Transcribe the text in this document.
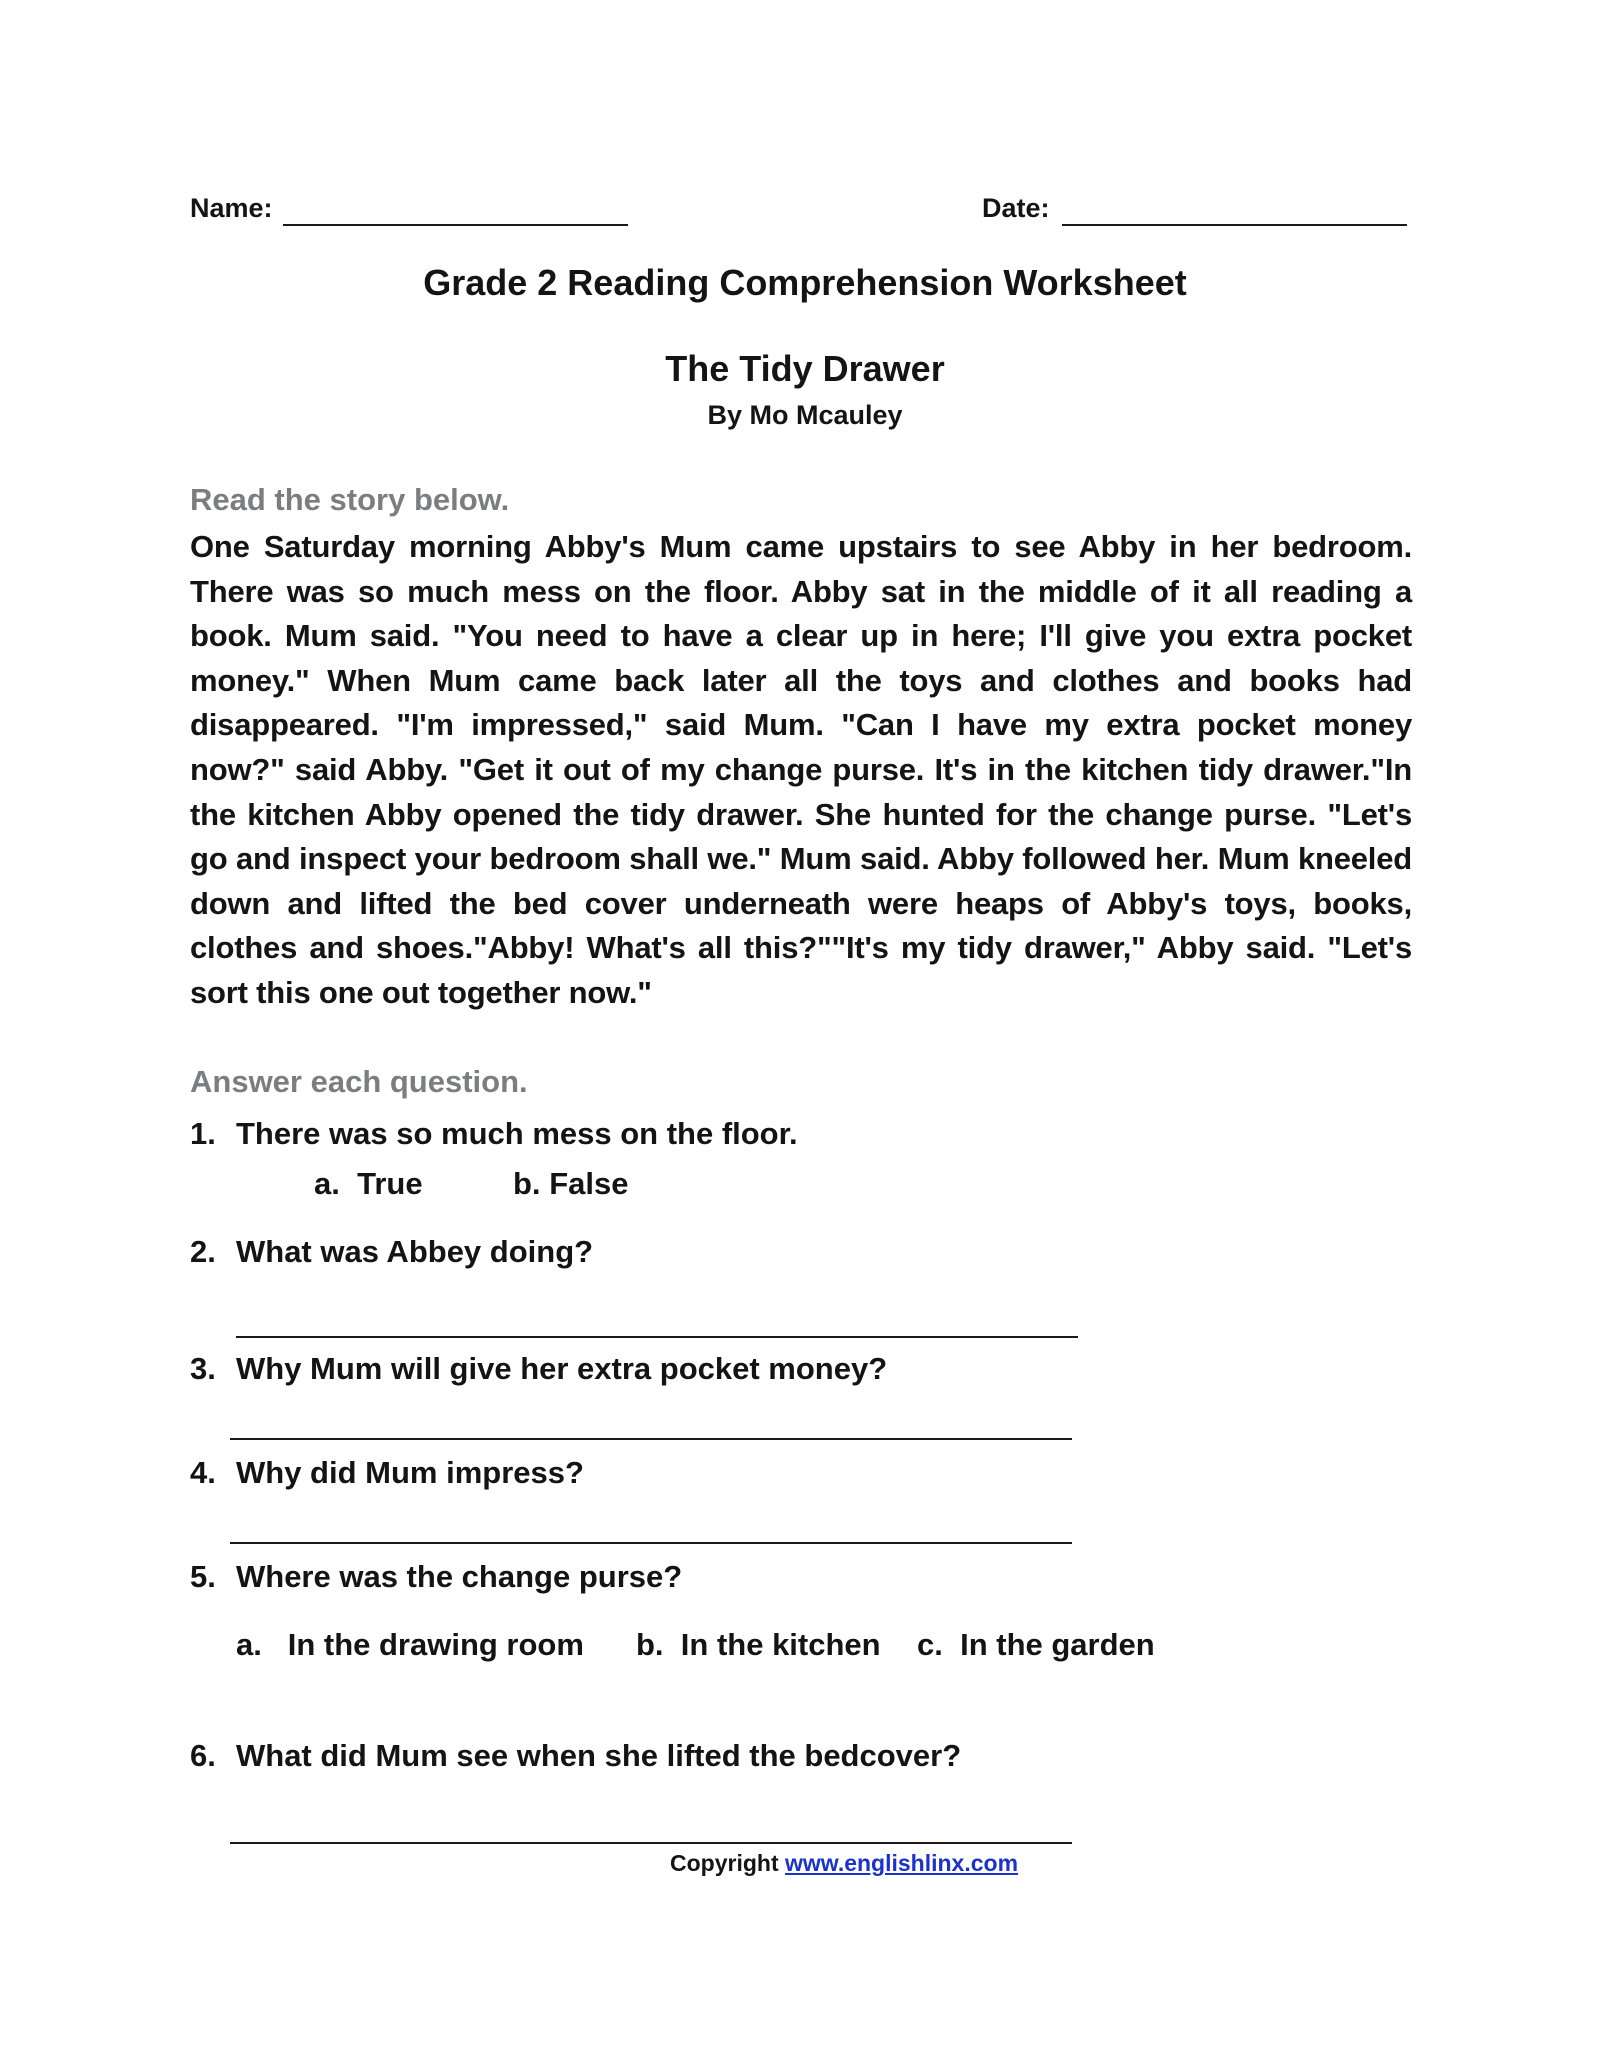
Name:	Date:
Grade 2 Reading Comprehension Worksheet
The Tidy Drawer
By Mo Mcauley
Read the story below.
One Saturday morning Abby's Mum came upstairs to see Abby in her bedroom. There was so much mess on the floor. Abby sat in the middle of it all reading a book. Mum said. "You need to have a clear up in here; I'll give you extra pocket money." When Mum came back later all the toys and clothes and books had disappeared. "I'm impressed," said Mum. "Can I have my extra pocket money now?" said Abby. "Get it out of my change purse. It's in the kitchen tidy drawer."In the kitchen Abby opened the tidy drawer. She hunted for the change purse. "Let's go and inspect your bedroom shall we." Mum said. Abby followed her. Mum kneeled down and lifted the bed cover underneath were heaps of Abby's toys, books, clothes and shoes."Abby! What's all this?""It's my tidy drawer," Abby said. "Let's sort this one out together now."
Answer each question.
1. There was so much mess on the floor.
a. True	b. False
2. What was Abbey doing?
3. Why Mum will give her extra pocket money?
4. Why did Mum impress?
5. Where was the change purse?
a. In the drawing room b. In the kitchen c. In the garden
6. What did Mum see when she lifted the bedcover?
Copyright www.englishlinx.com
